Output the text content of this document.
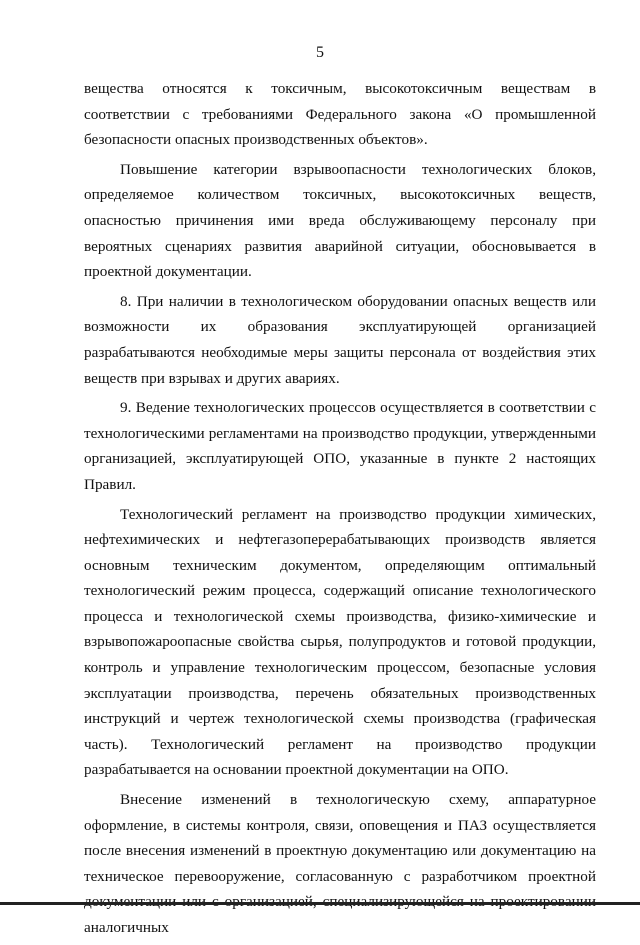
5

вещества относятся к токсичным, высокотоксичным веществам в соответствии с требованиями Федерального закона «О промышленной безопасности опасных производственных объектов».

Повышение категории взрывоопасности технологических блоков, определяемое количеством токсичных, высокотоксичных веществ, опасностью причинения ими вреда обслуживающему персоналу при вероятных сценариях развития аварийной ситуации, обосновывается в проектной документации.

8. При наличии в технологическом оборудовании опасных веществ или возможности их образования эксплуатирующей организацией разрабатываются необходимые меры защиты персонала от воздействия этих веществ при взрывах и других авариях.

9. Ведение технологических процессов осуществляется в соответствии с технологическими регламентами на производство продукции, утвержденными организацией, эксплуатирующей ОПО, указанные в пункте 2 настоящих Правил.

Технологический регламент на производство продукции химических, нефтехимических и нефтегазоперерабатывающих производств является основным техническим документом, определяющим оптимальный технологический режим процесса, содержащий описание технологического процесса и технологической схемы производства, физико-химические и взрывопожароопасные свойства сырья, полупродуктов и готовой продукции, контроль и управление технологическим процессом, безопасные условия эксплуатации производства, перечень обязательных производственных инструкций и чертеж технологической схемы производства (графическая часть). Технологический регламент на производство продукции разрабатывается на основании проектной документации на ОПО.

Внесение изменений в технологическую схему, аппаратурное оформление, в системы контроля, связи, оповещения и ПАЗ осуществляется после внесения изменений в проектную документацию или документацию на техническое перевооружение, согласованную с разработчиком проектной аналогичных
